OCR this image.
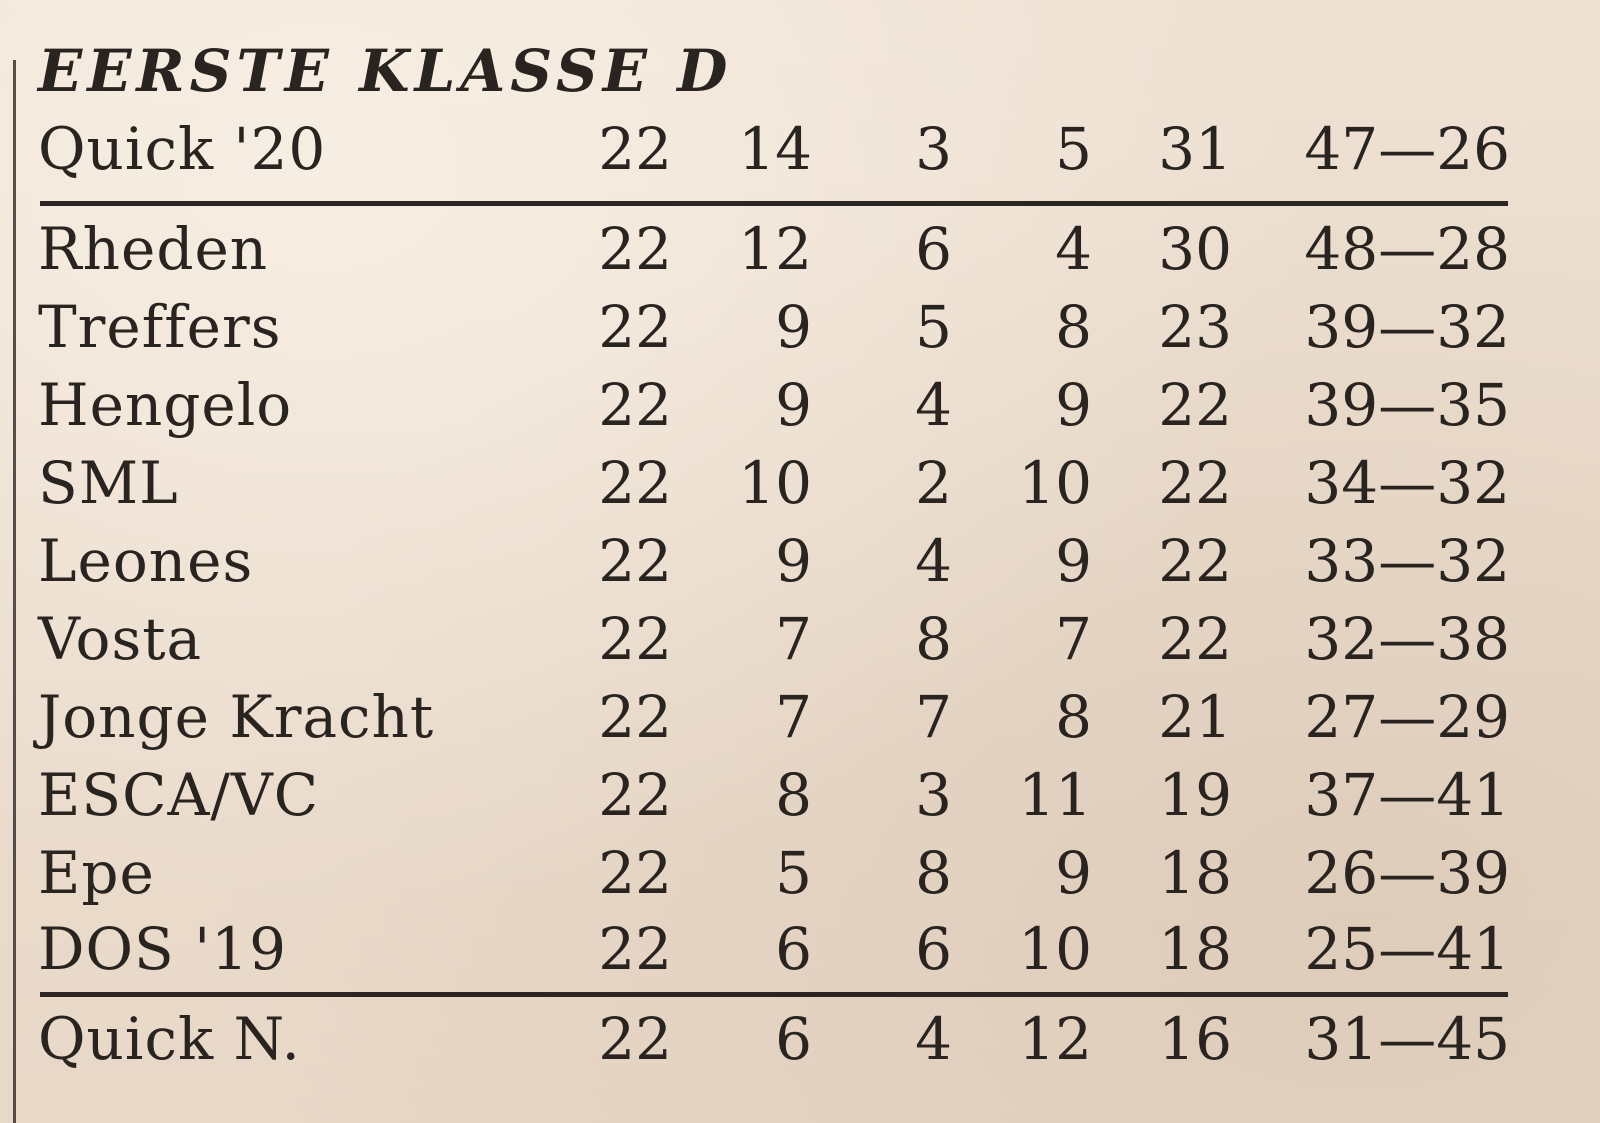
EERSTE KLASSE D
Quick '20	22	14	3	5	31	47—26
Rheden	22	12	6	4	30	48—28
Treffers	22	9	5	8	23	39—32
Hengelo	22	9	4	9	22	39—35
SML	22	10	2	10	22	34—32
Leones	22	9	4	9	22	33—32
Vosta	22	7	8	7	22	32—38
Jonge Kracht	22	7	7	8	21	27—29
ESCA/VC	22	8	3	11	19	37—41
Epe	22	5	8	9	18	26—39
DOS '19	22	6	6	10	18	25—41
Quick N.	22	6	4	12	16	31—45
